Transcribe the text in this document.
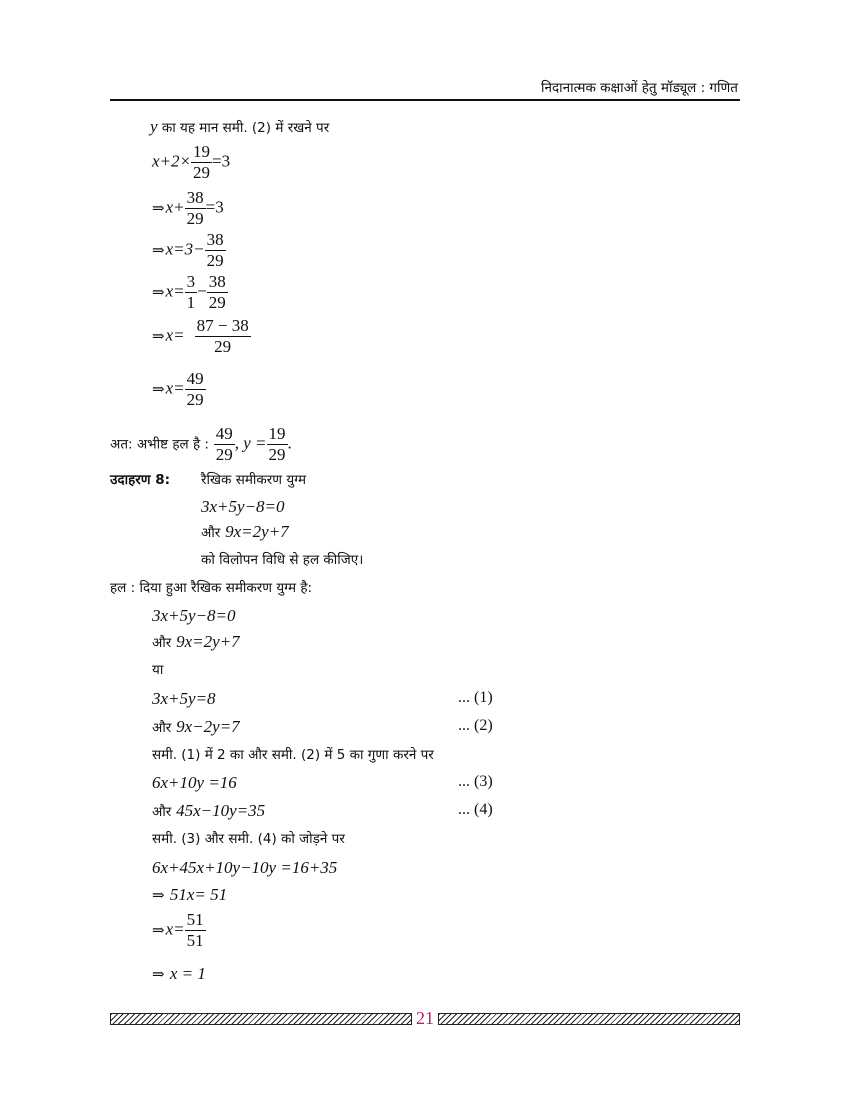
निदानात्मक कक्षाओं हेतु मॉड्यूल : गणित
y का यह मान समी. (2) में रखने पर
$x+2\times \frac{19}{29} =3$
⇒x+ $\frac{38}{29} =3$
⇒x=3− $\frac{38}{29}$
⇒x= $\frac{3}{1} - \frac{38}{29}$
⇒x= $\frac{87 - 38}{29}$
⇒x= $\frac{49}{29}$
अत: अभीष्ट हल है : $\frac{49}{29}$ , $y = \frac{19}{29}$ .
उदाहरण 8: रैखिक समीकरण युग्म
3x+5y−8=0
और 9x=2y+7
को विलोपन विधि से हल कीजिए।
हल : दिया हुआ रैखिक समीकरण युग्म है:
3x+5y−8=0
और 9x=2y+7
या
3x+5y=8	... (1)
और 9x−2y=7	... (2)
समी. (1) में 2 का और समी. (2) में 5 का गुणा करने पर
6x+10y =16	... (3)
और 45x−10y=35	... (4)
समी. (3) और समी. (4) को जोड़ने पर
6x+45x+10y−10y =16+35
⇒ 51x= 51
⇒x= $\frac{51}{51}$
⇒ x = 1
21
